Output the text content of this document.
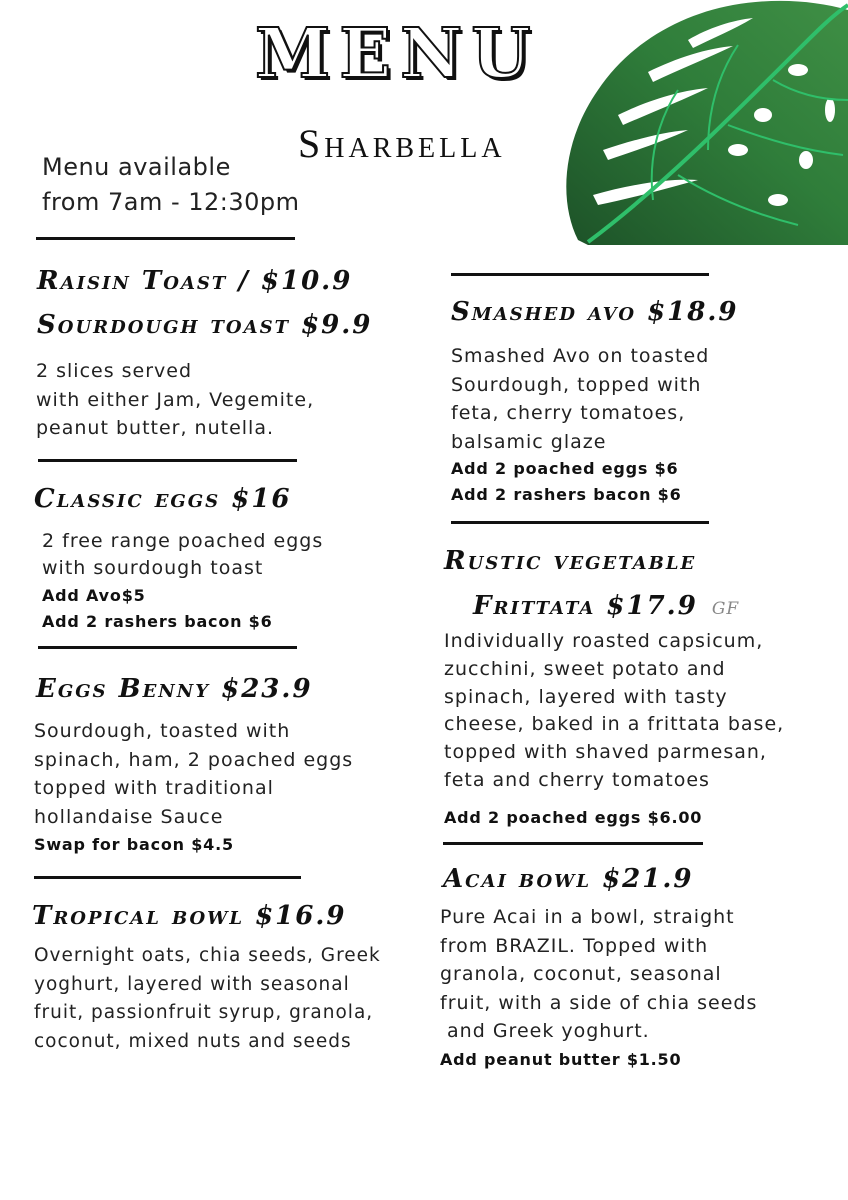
MENU
Sharbella
Menu available
from 7am - 12:30pm
Raisin Toast / $10.9
Sourdough toast $9.9
2 slices served
with either Jam, Vegemite,
peanut butter, nutella.
Classic eggs $16
2 free range poached eggs
with sourdough toast
Add Avo$5
Add 2 rashers bacon $6
Eggs Benny $23.9
Sourdough, toasted with
spinach, ham, 2 poached eggs
topped with traditional
hollandaise Sauce
Swap for bacon $4.5
Tropical bowl $16.9
Overnight oats, chia seeds, Greek
yoghurt, layered with seasonal
fruit, passionfruit syrup, granola,
coconut, mixed nuts and seeds
Smashed avo $18.9
Smashed Avo on toasted
Sourdough, topped with
feta, cherry tomatoes,
balsamic glaze
Add 2 poached eggs $6
Add 2 rashers bacon $6
Rustic vegetable
Frittata $17.9 GF
Individually roasted capsicum,
zucchini, sweet potato and
spinach, layered with tasty
cheese, baked in a frittata base,
topped with shaved parmesan,
feta and cherry tomatoes
Add 2 poached eggs $6.00
Acai bowl $21.9
Pure Acai in a bowl, straight
from BRAZIL. Topped with
granola, coconut, seasonal
fruit, with a side of chia seeds
and Greek yoghurt.
Add peanut butter $1.50
